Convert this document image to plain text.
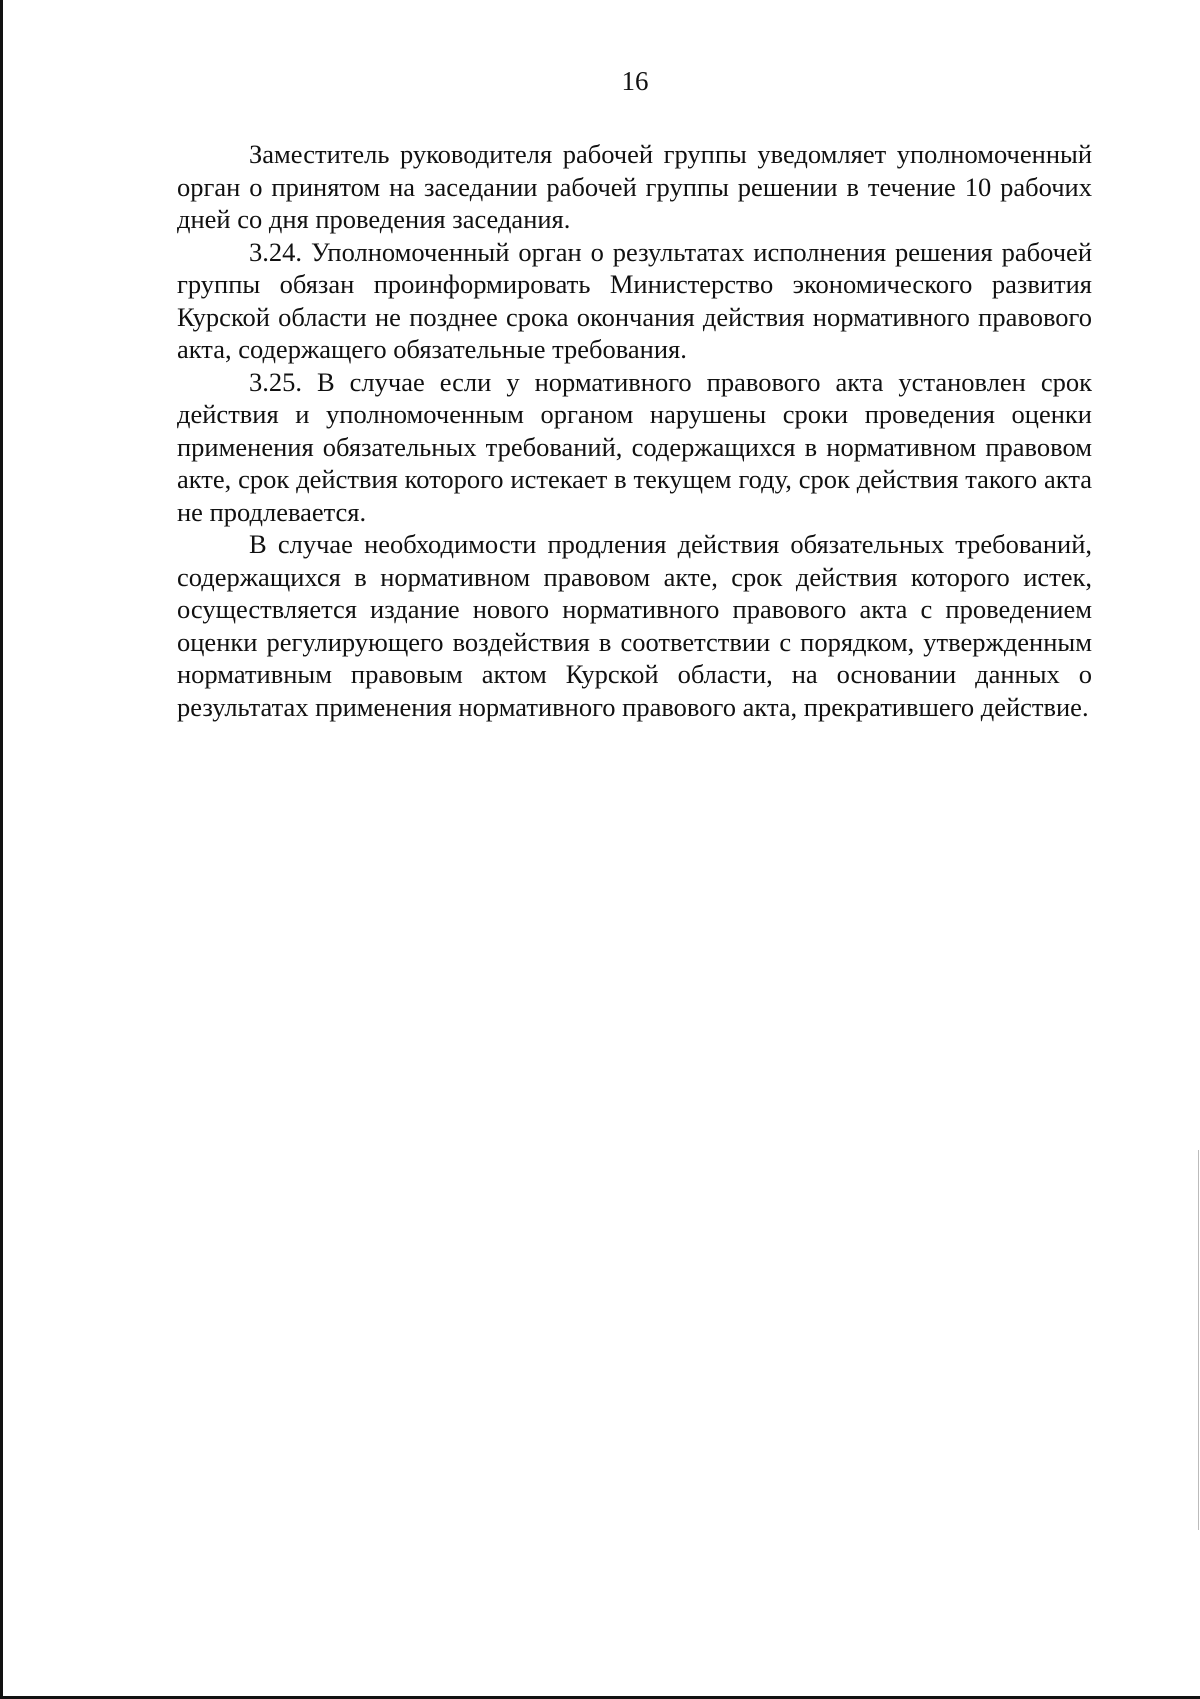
16

Заместитель руководителя рабочей группы уведомляет уполномоченный орган о принятом на заседании рабочей группы решении в течение 10 рабочих дней со дня проведения заседания.

3.24. Уполномоченный орган о результатах исполнения решения рабочей группы обязан проинформировать Министерство экономического развития Курской области не позднее срока окончания действия нормативного правового акта, содержащего обязательные требования.

3.25. В случае если у нормативного правового акта установлен срок действия и уполномоченным органом нарушены сроки проведения оценки применения обязательных требований, содержащихся в нормативном правовом акте, срок действия которого истекает в текущем году, срок действия такого акта не продлевается.

В случае необходимости продления действия обязательных требований, содержащихся в нормативном правовом акте, срок действия которого истек, осуществляется издание нового нормативного правового акта с проведением оценки регулирующего воздействия в соответствии с порядком, утвержденным нормативным правовым актом Курской области, на основании данных о результатах применения нормативного правового акта, прекратившего действие.
